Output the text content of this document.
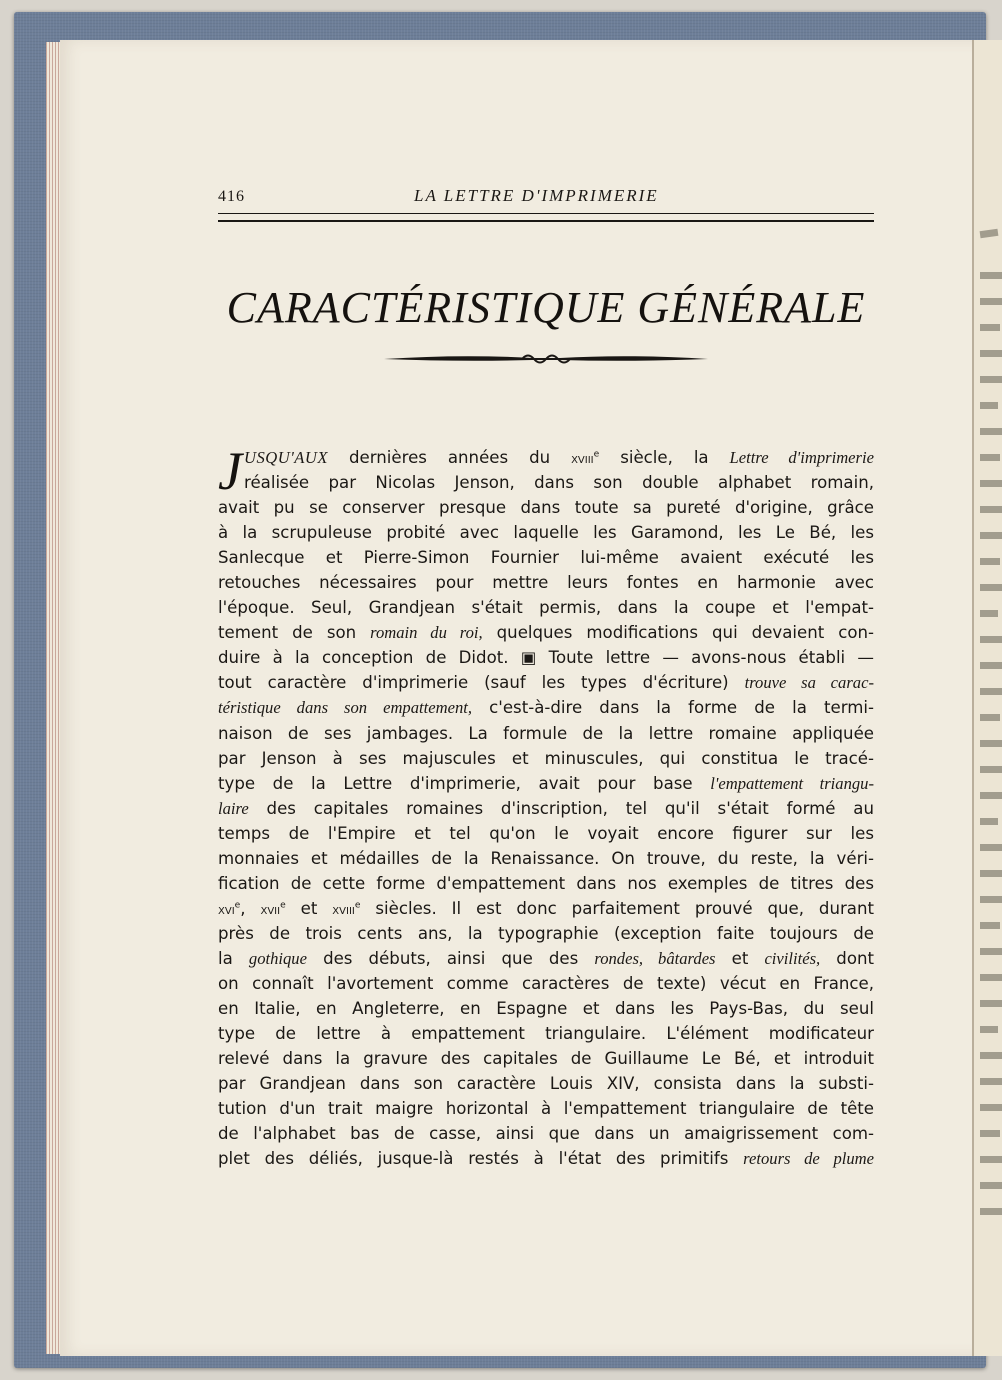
416	LA LETTRE D'IMPRIMERIE
CARACTÉRISTIQUE GÉNÉRALE
J USQU'AUX dernières années du xviii$^e$ siècle, la Lettre d'imprimerie
réalisée par Nicolas Jenson, dans son double alphabet romain,
avait pu se conserver presque dans toute sa pureté d'origine, grâce
à la scrupuleuse probité avec laquelle les Garamond, les Le Bé, les
Sanlecque et Pierre-Simon Fournier lui-même avaient exécuté les
retouches nécessaires pour mettre leurs fontes en harmonie avec
l'époque. Seul, Grandjean s'était permis, dans la coupe et l'empat-
tement de son romain du roi, quelques modifications qui devaient con-
duire à la conception de Didot. ▣ Toute lettre — avons-nous établi —
tout caractère d'imprimerie (sauf les types d'écriture) trouve sa carac-
téristique dans son empattement, c'est-à-dire dans la forme de la termi-
naison de ses jambages. La formule de la lettre romaine appliquée
par Jenson à ses majuscules et minuscules, qui constitua le tracé-
type de la Lettre d'imprimerie, avait pour base l'empattement triangu-
laire des capitales romaines d'inscription, tel qu'il s'était formé au
temps de l'Empire et tel qu'on le voyait encore figurer sur les
monnaies et médailles de la Renaissance. On trouve, du reste, la véri-
fication de cette forme d'empattement dans nos exemples de titres des
xvi$^e$, xvii$^e$ et xviii$^e$ siècles. Il est donc parfaitement prouvé que, durant
près de trois cents ans, la typographie (exception faite toujours de
la gothique des débuts, ainsi que des rondes, bâtardes et civilités, dont
on connaît l'avortement comme caractères de texte) vécut en France,
en Italie, en Angleterre, en Espagne et dans les Pays-Bas, du seul
type de lettre à empattement triangulaire. L'élément modificateur
relevé dans la gravure des capitales de Guillaume Le Bé, et introduit
par Grandjean dans son caractère Louis XIV, consista dans la substi-
tution d'un trait maigre horizontal à l'empattement triangulaire de tête
de l'alphabet bas de casse, ainsi que dans un amaigrissement com-
plet des déliés, jusque-là restés à l'état des primitifs retours de plume
